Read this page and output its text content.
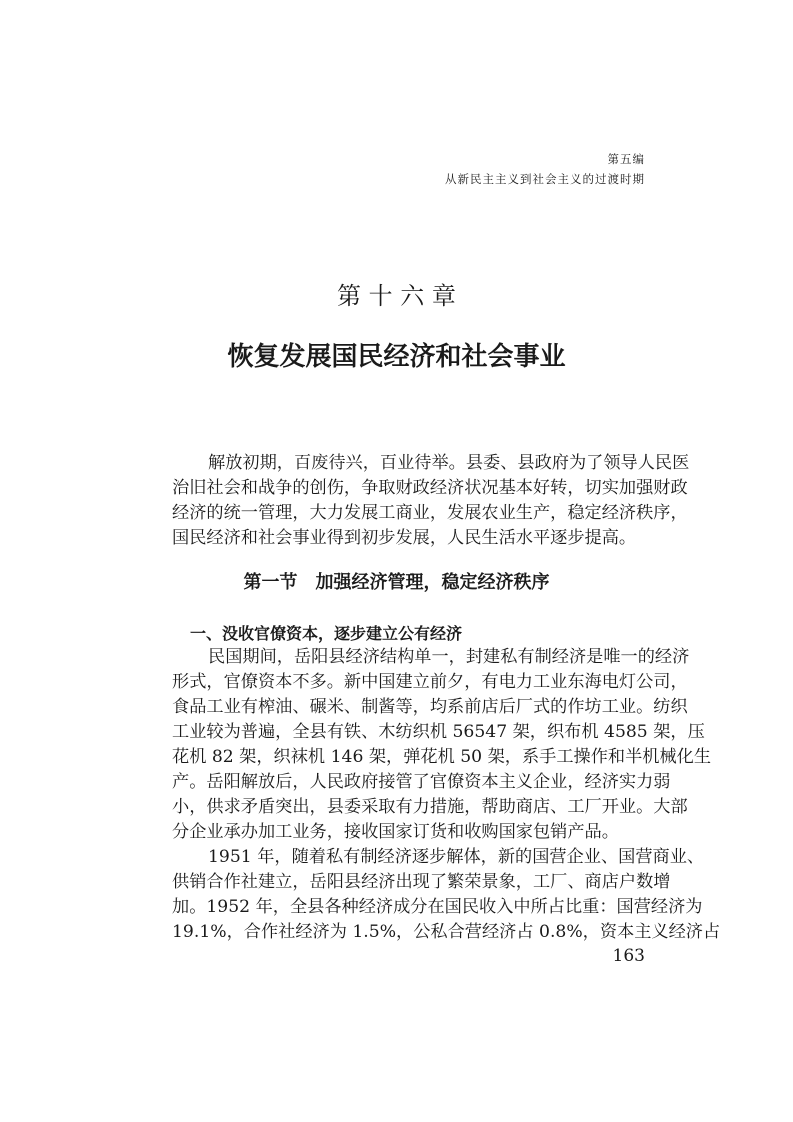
第五编
从新民主主义到社会主义的过渡时期
第 十 六 章
恢复发展国民经济和社会事业
解放初期，百废待兴，百业待举。县委、县政府为了领导人民医
治旧社会和战争的创伤，争取财政经济状况基本好转，切实加强财政
经济的统一管理，大力发展工商业，发展农业生产，稳定经济秩序，
国民经济和社会事业得到初步发展，人民生活水平逐步提高。
第一节　加强经济管理，稳定经济秩序
一、没收官僚资本，逐步建立公有经济
民国期间，岳阳县经济结构单一，封建私有制经济是唯一的经济
形式，官僚资本不多。新中国建立前夕，有电力工业东海电灯公司，
食品工业有榨油、碾米、制酱等，均系前店后厂式的作坊工业。纺织
工业较为普遍，全县有铁、木纺织机 56547 架，织布机 4585 架，压
花机 82 架，织袜机 146 架，弹花机 50 架，系手工操作和半机械化生
产。岳阳解放后，人民政府接管了官僚资本主义企业，经济实力弱
小，供求矛盾突出，县委采取有力措施，帮助商店、工厂开业。大部
分企业承办加工业务，接收国家订货和收购国家包销产品。
1951 年，随着私有制经济逐步解体，新的国营企业、国营商业、
供销合作社建立，岳阳县经济出现了繁荣景象，工厂、商店户数增
加。1952 年，全县各种经济成分在国民收入中所占比重：国营经济为
19.1%，合作社经济为 1.5%，公私合营经济占 0.8%，资本主义经济占
163
